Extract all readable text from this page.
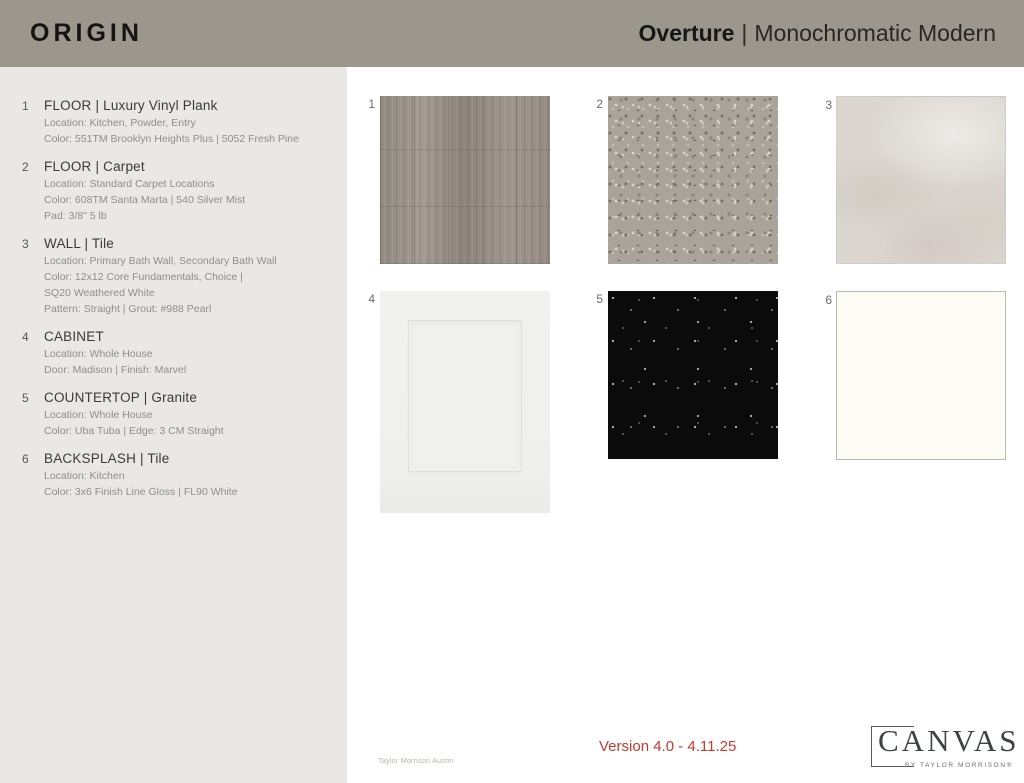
ORIGIN	Overture | Monochromatic Modern
1	FLOOR | Luxury Vinyl Plank
Location: Kitchen, Powder, Entry
Color: 551TM Brooklyn Heights Plus | 5052 Fresh Pine
2	FLOOR | Carpet
Location: Standard Carpet Locations
Color: 608TM Santa Marta | 540 Silver Mist
Pad: 3/8" 5 lb
3	WALL | Tile
Location: Primary Bath Wall, Secondary Bath Wall
Color: 12x12 Core Fundamentals, Choice |
SQ20 Weathered White
Pattern: Straight | Grout: #988 Pearl
4	CABINET
Location: Whole House
Door: Madison | Finish: Marvel
5	COUNTERTOP | Granite
Location: Whole House
Color: Uba Tuba | Edge: 3 CM Straight
6	BACKSPLASH | Tile
Location: Kitchen
Color: 3x6 Finish Line Gloss | FL90 White
1	2	3
4	5	6
Taylor Morrison Austin
Version 4.0 - 4.11.25	CANVAS
BY TAYLOR MORRISON®
